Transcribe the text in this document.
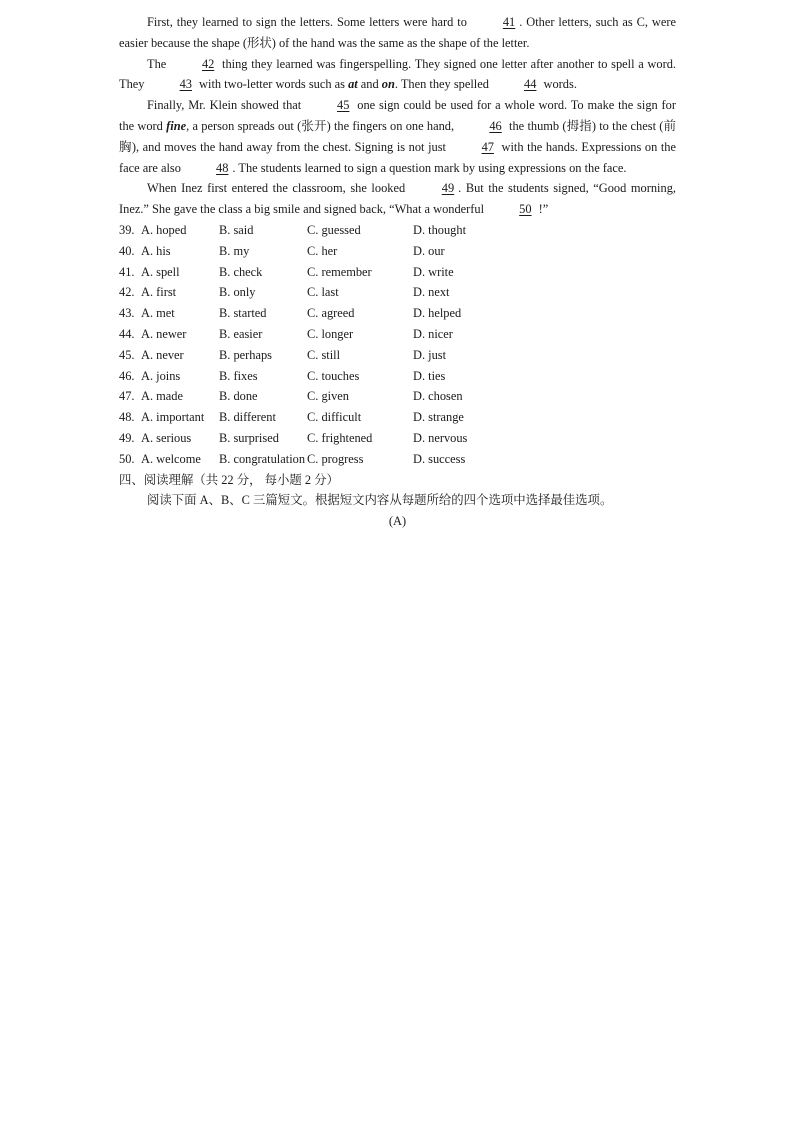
First, they learned to sign the letters. Some letters were hard to	41 . Other letters, such as C, were easier because the shape (形状) of the hand was the same as the shape of the letter.

The	42 thing they learned was fingerspelling. They signed one letter after another to spell a word. They	43 with two-letter words such as at and on. Then they spelled	44 words.

Finally, Mr. Klein showed that	45 one sign could be used for a whole word. To make the sign for the word fine, a person spreads out (张开) the fingers on one hand,	46 the thumb (拇指) to the chest (前胸), and moves the hand away from the chest. Signing is not just	47 with the hands. Expressions on the face are also	48 . The students learned to sign a question mark by using expressions on the face.

When Inez first entered the classroom, she looked	49 . But the students signed, “Good morning, Inez.” She gave the class a big smile and signed back, “What a wonderful	50 !”

39. A. hoped	B. said	C. guessed	D. thought
40. A. his	B. my	C. her	D. our
41. A. spell	B. check	C. remember	D. write
42. A. first	B. only	C. last	D. next
43. A. met	B. started	C. agreed	D. helped
44. A. newer	B. easier	C. longer	D. nicer
45. A. never	B. perhaps	C. still	D. just
46. A. joins	B. fixes	C. touches	D. ties
47. A. made	B. done	C. given	D. chosen
48. A. important	B. different	C. difficult	D. strange
49. A. serious	B. surprised	C. frightened	D. nervous
50. A. welcome	B. congratulation C. progress	D. success

四、阅读理解（共 22 分， 每小题 2 分）

阅读下面 A、B、C 三篇短文。根据短文内容从每题所给的四个选项中选择最佳选项。

(A)
